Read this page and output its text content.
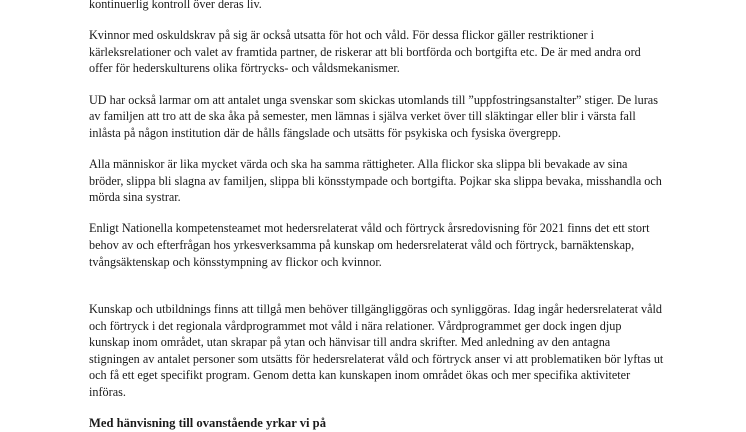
kontinuerlig kontroll över deras liv.

Kvinnor med oskuldskrav på sig är också utsatta för hot och våld. För dessa flickor gäller restriktioner i kärleksrelationer och valet av framtida partner, de riskerar att bli bortförda och bortgifta etc. De är med andra ord offer för hederskulturens olika förtrycks- och våldsmekanismer.

UD har också larmar om att antalet unga svenskar som skickas utomlands till ”uppfostringsanstalter” stiger. De luras av familjen att tro att de ska åka på semester, men lämnas i själva verket över till släktingar eller blir i värsta fall inlåsta på någon institution där de hålls fängslade och utsätts för psykiska och fysiska övergrepp.

Alla människor är lika mycket värda och ska ha samma rättigheter. Alla flickor ska slippa bli bevakade av sina bröder, slippa bli slagna av familjen, slippa bli könsstympade och bortgifta. Pojkar ska slippa bevaka, misshandla och mörda sina systrar.

Enligt Nationella kompetensteamet mot hedersrelaterat våld och förtryck årsredovisning för 2021 finns det ett stort behov av och efterfrågan hos yrkesverksamma på kunskap om hedersrelaterat våld och förtryck, barnäktenskap, tvångsäktenskap och könsstympning av flickor och kvinnor.

Kunskap och utbildnings finns att tillgå men behöver tillgängliggöras och synliggöras. Idag ingår hedersrelaterat våld och förtryck i det regionala vårdprogrammet mot våld i nära relationer. Vårdprogrammet ger dock ingen djup kunskap inom området, utan skrapar på ytan och hänvisar till andra skrifter. Med anledning av den antagna stigningen av antalet personer som utsätts för hedersrelaterat våld och förtryck anser vi att problematiken bör lyftas ut och få ett eget specifikt program. Genom detta kan kunskapen inom området ökas och mer specifika aktiviteter införas.

Med hänvisning till ovanstående yrkar vi på
